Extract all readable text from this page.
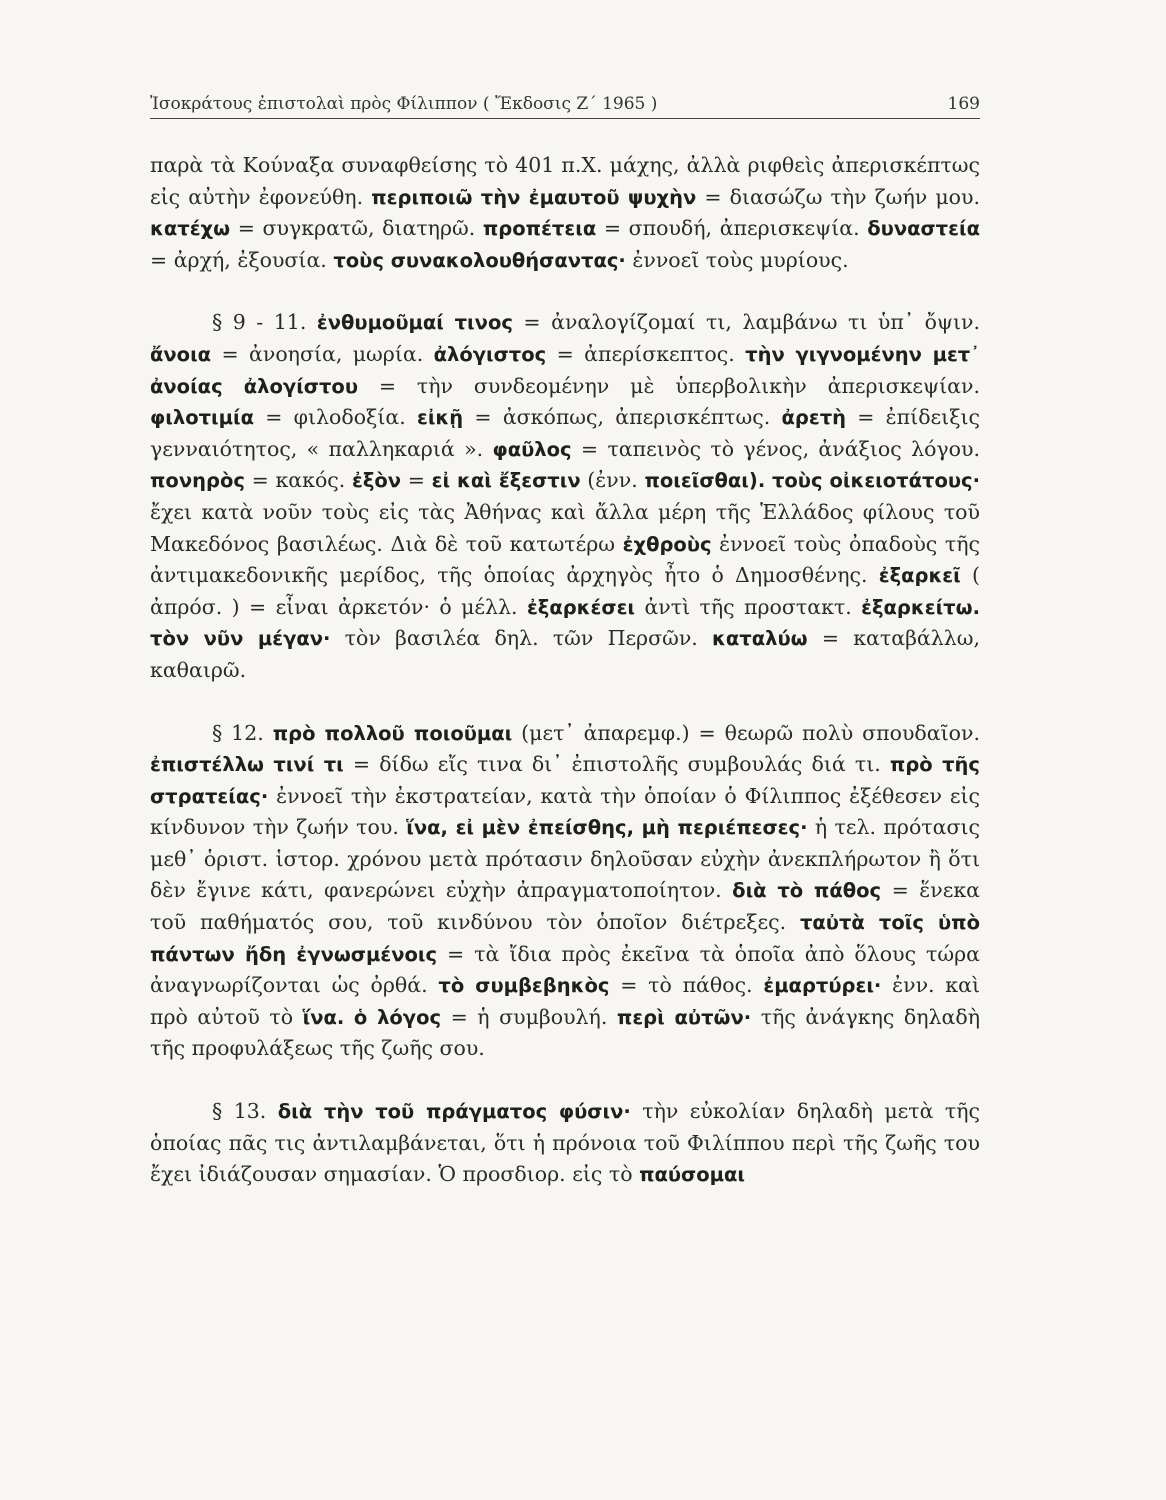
Ἰσοκράτους ἐπιστολαὶ πρὸς Φίλιππον ( Ἔκδοσις Ζ΄ 1965 )	169

παρὰ τὰ Κούναξα συναφθείσης τὸ 401 π.Χ. μάχης, ἀλλὰ ριφθεὶς ἀπερισκέπτως εἰς αὐτὴν ἐφονεύθη. περιποιῶ τὴν ἐμαυτοῦ ψυχὴν = διασώζω τὴν ζωήν μου. κατέχω = συγκρατῶ, διατηρῶ. προπέτεια = σπουδή, ἀπερισκεψία. δυναστεία = ἀρχή, ἐξουσία. τοὺς συνακολουθήσαντας· ἐννοεῖ τοὺς μυρίους.

§ 9 - 11. ἐνθυμοῦμαί τινος = ἀναλογίζομαί τι, λαμβάνω τι ὑπ᾽ ὄψιν. ἄνοια = ἀνοησία, μωρία. ἀλόγιστος = ἀπερίσκεπτος. τὴν γιγνομένην μετ᾽ ἀνοίας ἀλογίστου = τὴν συνδεομένην μὲ ὑπερβολικὴν ἀπερισκεψίαν. φιλοτιμία = φιλοδοξία. εἰκῇ = ἀσκόπως, ἀπερισκέπτως. ἀρετὴ = ἐπίδειξις γενναιότητος, « παλληκαριά ». φαῦλος = ταπεινὸς τὸ γένος, ἀνάξιος λόγου. πονηρὸς = κακός. ἐξὸν = εἰ καὶ ἔξεστιν (ἐνν. ποιεῖσθαι). τοὺς οἰκειοτάτους· ἔχει κατὰ νοῦν τοὺς εἰς τὰς Ἀθήνας καὶ ἄλλα μέρη τῆς Ἑλλάδος φίλους τοῦ Μακεδόνος βασιλέως. Διὰ δὲ τοῦ κατωτέρω ἐχθροὺς ἐννοεῖ τοὺς ὀπαδοὺς τῆς ἀντιμακεδονικῆς μερίδος, τῆς ὁποίας ἀρχηγὸς ἦτο ὁ Δημοσθένης. ἐξαρκεῖ ( ἀπρόσ. ) = εἶναι ἀρκετόν· ὁ μέλλ. ἐξαρκέσει ἀντὶ τῆς προστακτ. ἐξαρκείτω. τὸν νῦν μέγαν· τὸν βασιλέα δηλ. τῶν Περσῶν. καταλύω = καταβάλλω, καθαιρῶ.

§ 12. πρὸ πολλοῦ ποιοῦμαι (μετ᾽ ἀπαρεμφ.) = θεωρῶ πολὺ σπουδαῖον. ἐπιστέλλω τινί τι = δίδω εἴς τινα δι᾽ ἐπιστολῆς συμβουλάς διά τι. πρὸ τῆς στρατείας· ἐννοεῖ τὴν ἐκστρατείαν, κατὰ τὴν ὁποίαν ὁ Φίλιππος ἐξέθεσεν εἰς κίνδυνον τὴν ζωήν του. ἵνα, εἰ μὲν ἐπείσθης, μὴ περιέπεσες· ἡ τελ. πρότασις μεθ᾽ ὁριστ. ἱστορ. χρόνου μετὰ πρότασιν δηλοῦσαν εὐχὴν ἀνεκπλήρωτον ἢ ὅτι δὲν ἔγινε κάτι, φανερώνει εὐχὴν ἀπραγματοποίητον. διὰ τὸ πάθος = ἕνεκα τοῦ παθήματός σου, τοῦ κινδύνου τὸν ὁποῖον διέτρεξες. ταὐτὰ τοῖς ὑπὸ πάντων ἤδη ἐγνωσμένοις = τὰ ἴδια πρὸς ἐκεῖνα τὰ ὁποῖα ἀπὸ ὅλους τώρα ἀναγνωρίζονται ὡς ὀρθά. τὸ συμβεβηκὸς = τὸ πάθος. ἐμαρτύρει· ἐνν. καὶ πρὸ αὐτοῦ τὸ ἵνα. ὁ λόγος = ἡ συμβουλή. περὶ αὐτῶν· τῆς ἀνάγκης δηλαδὴ τῆς προφυλάξεως τῆς ζωῆς σου.

§ 13. διὰ τὴν τοῦ πράγματος φύσιν· τὴν εὐκολίαν δηλαδὴ μετὰ τῆς ὁποίας πᾶς τις ἀντιλαμβάνεται, ὅτι ἡ πρόνοια τοῦ Φιλίππου περὶ τῆς ζωῆς του ἔχει ἰδιάζουσαν σημασίαν. Ὁ προσδιορ. εἰς τὸ παύσομαι
